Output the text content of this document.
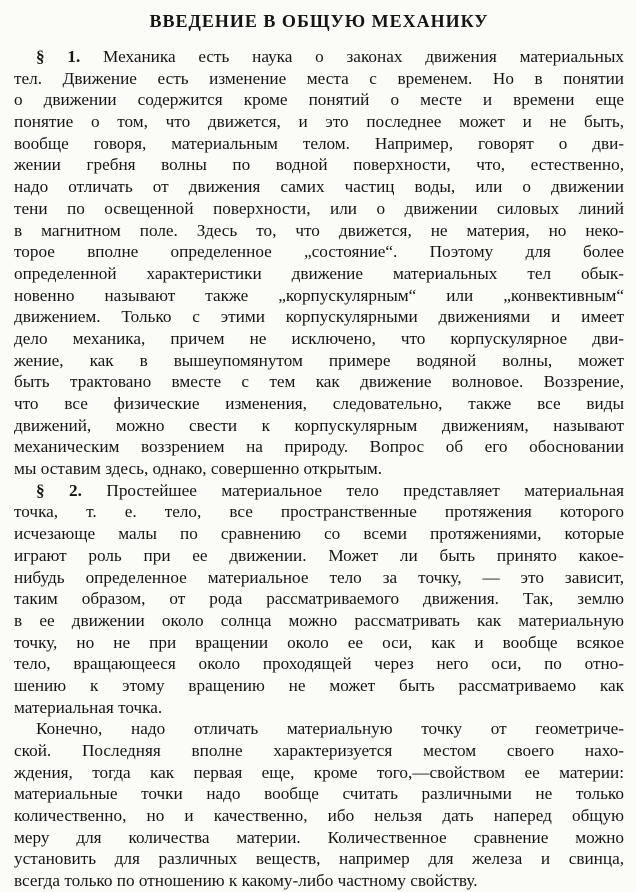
ВВЕДЕНИЕ В ОБЩУЮ МЕХАНИКУ
§ 1. Механика есть наука о законах движения материальных
тел. Движение есть изменение места с временем. Но в понятии
о движении содержится кроме понятий о месте и времени еще
понятие о том, что движется, и это последнее может и не быть,
вообще говоря, материальным телом. Например, говорят о дви-
жении гребня волны по водной поверхности, что, естественно,
надо отличать от движения самих частиц воды, или о движении
тени по освещенной поверхности, или о движении силовых линий
в магнитном поле. Здесь то, что движется, не материя, но неко-
торое вполне определенное „состояние“. Поэтому для более
определенной характеристики движение материальных тел обык-
новенно называют также „корпускулярным“ или „конвективным“
движением. Только с этими корпускулярными движениями и имеет
дело механика, причем не исключено, что корпускулярное дви-
жение, как в вышеупомянутом примере водяной волны, может
быть трактовано вместе с тем как движение волновое. Воззрение,
что все физические изменения, следовательно, также все виды
движений, можно свести к корпускулярным движениям, называют
механическим воззрением на природу. Вопрос об его обосновании
мы оставим здесь, однако, совершенно открытым.
§ 2. Простейшее материальное тело представляет материальная
точка, т. е. тело, все пространственные протяжения которого
исчезающе малы по сравнению со всеми протяжениями, которые
играют роль при ее движении. Может ли быть принято какое-
нибудь определенное материальное тело за точку, — это зависит,
таким образом, от рода рассматриваемого движения. Так, землю
в ее движении около солнца можно рассматривать как материальную
точку, но не при вращении около ее оси, как и вообще всякое
тело, вращающееся около проходящей через него оси, по отно-
шению к этому вращению не может быть рассматриваемо как
материальная точка.
Конечно, надо отличать материальную точку от геометриче-
ской. Последняя вполне характеризуется местом своего нахо-
ждения, тогда как первая еще, кроме того,—свойством ее материи:
материальные точки надо вообще считать различными не только
количественно, но и качественно, ибо нельзя дать наперед общую
меру для количества материи. Количественное сравнение можно
установить для различных веществ, например для железа и свинца,
всегда только по отношению к какому-либо частному свойству.
